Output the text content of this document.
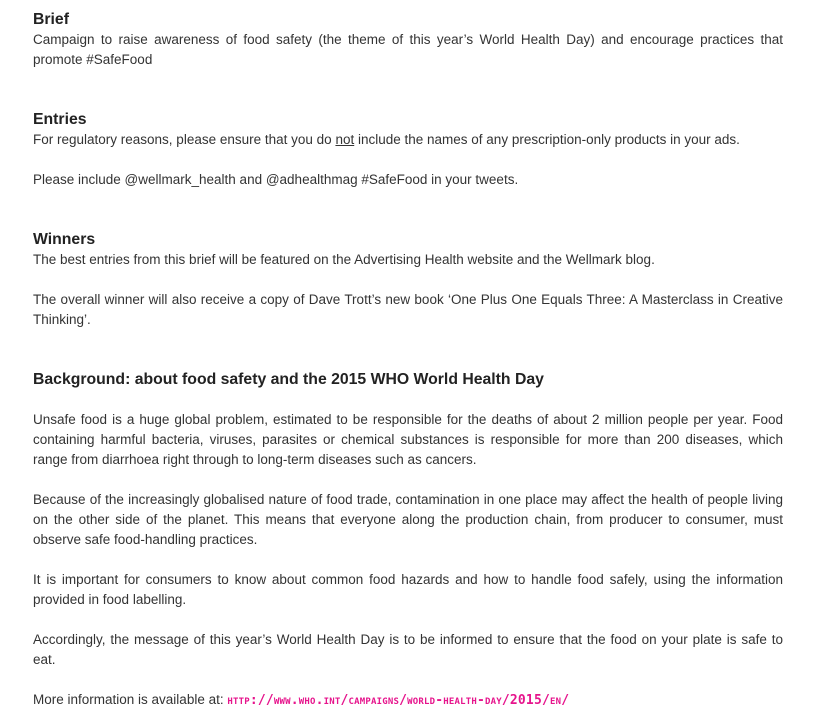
Brief

Campaign to raise awareness of food safety (the theme of this year’s World Health Day) and encourage practices that promote #SafeFood

Entries

For regulatory reasons, please ensure that you do not include the names of any prescription-only products in your ads.

Please include @wellmark_health and @adhealthmag #SafeFood in your tweets.

Winners

The best entries from this brief will be featured on the Advertising Health website and the Wellmark blog.

The overall winner will also receive a copy of Dave Trott’s new book ‘One Plus One Equals Three: A Masterclass in Creative Thinking’.

Background: about food safety and the 2015 WHO World Health Day

Unsafe food is a huge global problem, estimated to be responsible for the deaths of about 2 million people per year. Food containing harmful bacteria, viruses, parasites or chemical substances is responsible for more than 200 diseases, which range from diarrhoea right through to long-term diseases such as cancers.

Because of the increasingly globalised nature of food trade, contamination in one place may affect the health of people living on the other side of the planet. This means that everyone along the production chain, from producer to consumer, must observe safe food-handling practices.

It is important for consumers to know about common food hazards and how to handle food safely, using the information provided in food labelling.

Accordingly, the message of this year’s World Health Day is to be informed to ensure that the food on your plate is safe to eat.

More information is available at: http://www.who.int/campaigns/world-health-day/2015/en/
